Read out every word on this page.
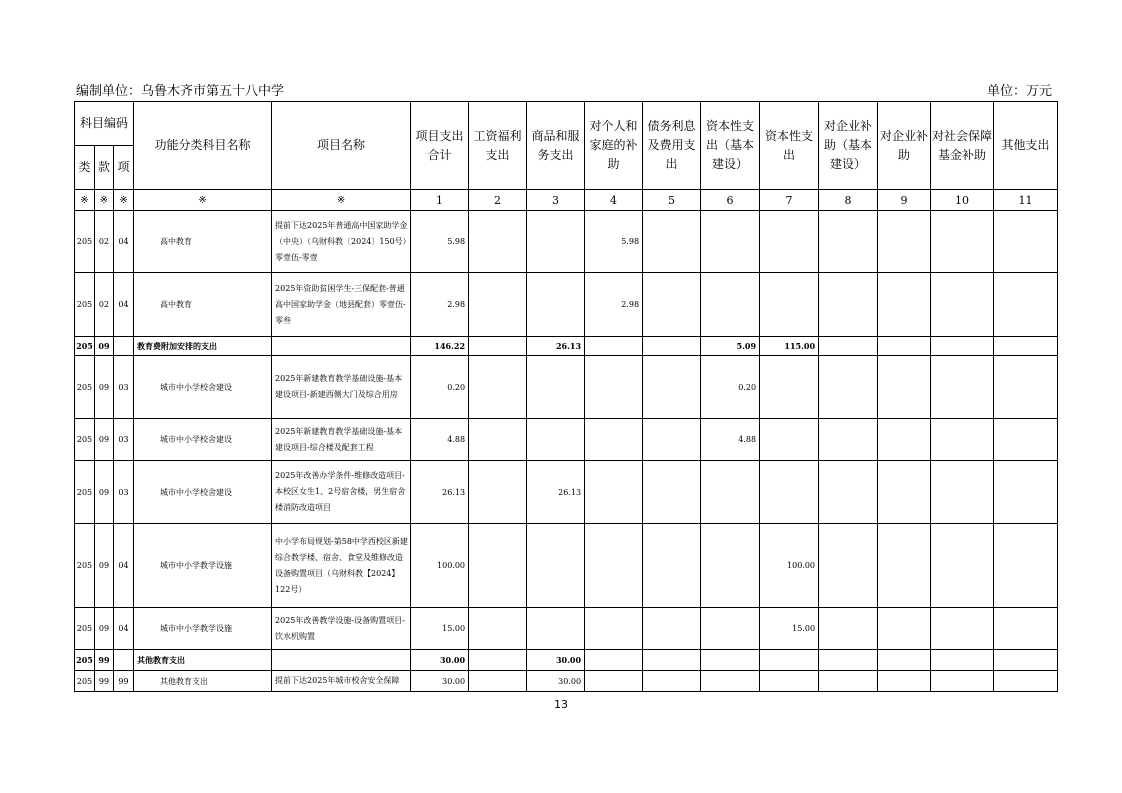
编制单位：乌鲁木齐市第五十八中学	单位：万元
科目编码			功能分类科目名称	项目名称	项目支出合计	工资福利支出	商品和服务支出	对个人和家庭的补助	债务利息及费用支出	资本性支出（基本建设）	资本性支出	对企业补助（基本建设）	对企业补助	对社会保障基金补助	其他支出
类	款	项													
※	※	※	※	※	1	2	3	4	5	6	7	8	9	10	11
205	02	04	高中教育	提前下达2025年普通高中国家助学金（中央）（乌财科教〔2024〕150号）零壹伍-零壹	5.98			5.98							
205	02	04	高中教育	2025年资助贫困学生-三保配套-普通高中国家助学金（地县配套）零壹伍-零叁	2.98			2.98							
205	09		教育费附加安排的支出		146.22		26.13			5.09	115.00				
205	09	03	城市中小学校舍建设	2025年新建教育教学基础设施-基本建设项目-新建西侧大门及综合用房	0.20					0.20					
205	09	03	城市中小学校舍建设	2025年新建教育教学基础设施-基本建设项目-综合楼及配套工程	4.88					4.88					
205	09	03	城市中小学校舍建设	2025年改善办学条件-维修改造项目-本校区女生1、2号宿舍楼，男生宿舍楼消防改造项目	26.13		26.13								
205	09	04	城市中小学教学设施	中小学布局规划-第58中学西校区新建综合教学楼、宿舍、食堂及维修改造设备购置项目（乌财科教【2024】122号）	100.00						100.00				
205	09	04	城市中小学教学设施	2025年改善教学设施-设备购置项目-饮水机购置	15.00						15.00				
205	99		其他教育支出		30.00		30.00								
205	99	99	其他教育支出	提前下达2025年城市校舍安全保障	30.00		30.00								
13
